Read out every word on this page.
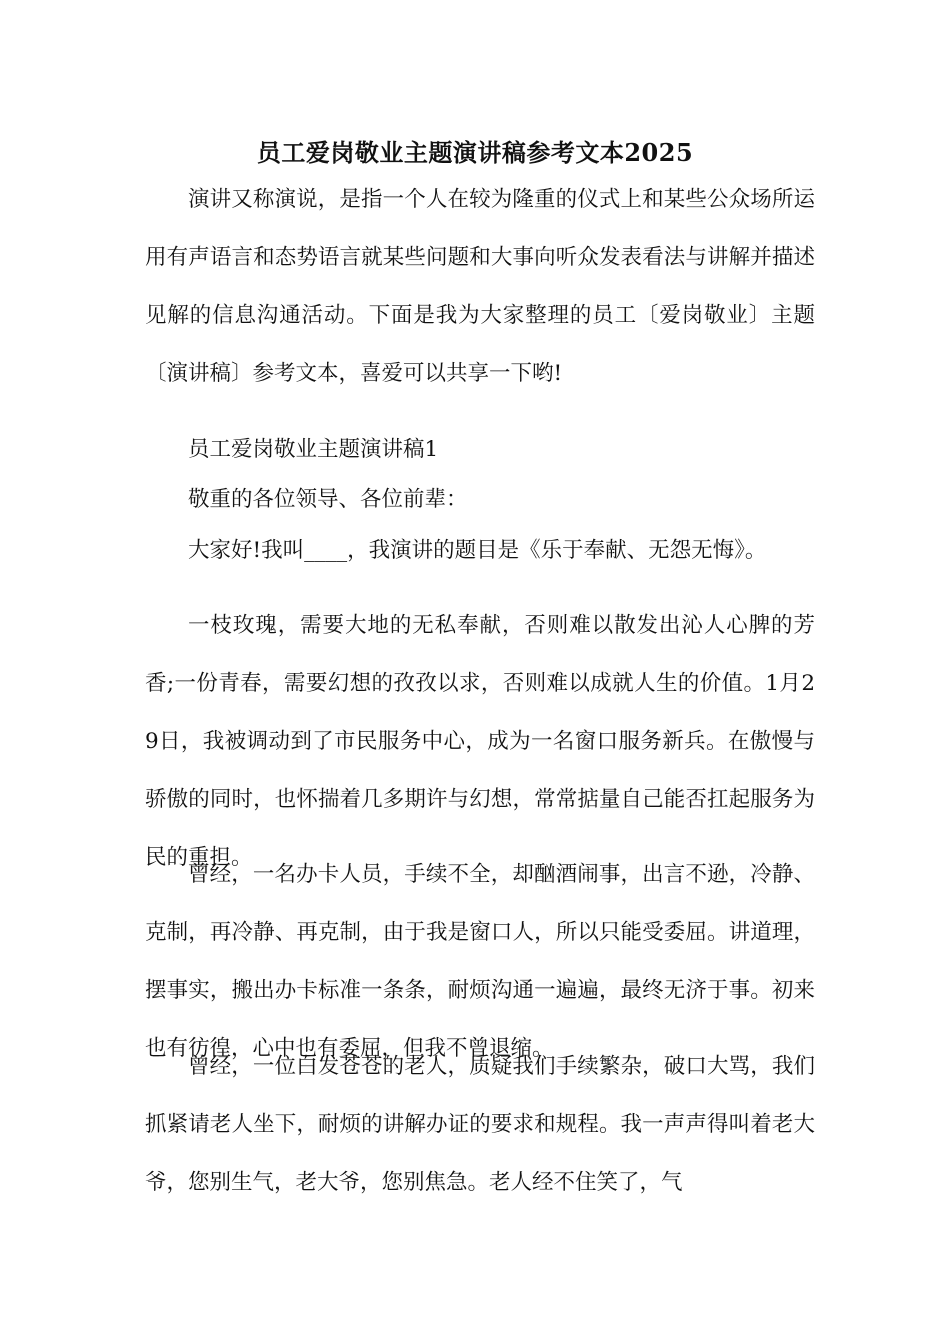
员工爱岗敬业主题演讲稿参考文本2025

演讲又称演说，是指一个人在较为隆重的仪式上和某些公众场所运用有声语言和态势语言就某些问题和大事向听众发表看法与讲解并描述见解的信息沟通活动。下面是我为大家整理的员工〔爱岗敬业〕主题〔演讲稿〕参考文本，喜爱可以共享一下哟!

员工爱岗敬业主题演讲稿1

敬重的各位领导、各位前辈：

大家好!我叫____，我演讲的题目是《乐于奉献、无怨无悔》。

一枝玫瑰，需要大地的无私奉献，否则难以散发出沁人心脾的芳香;一份青春，需要幻想的孜孜以求，否则难以成就人生的价值。1月29日，我被调动到了市民服务中心，成为一名窗口服务新兵。在傲慢与骄傲的同时，也怀揣着几多期许与幻想，常常掂量自己能否扛起服务为民的重担。

曾经，一名办卡人员，手续不全，却酗酒闹事，出言不逊，冷静、克制，再冷静、再克制，由于我是窗口人，所以只能受委屈。讲道理，摆事实，搬出办卡标准一条条，耐烦沟通一遍遍，最终无济于事。初来也有彷徨，心中也有委屈，但我不曾退缩。

曾经，一位白发苍苍的老人，质疑我们手续繁杂，破口大骂，我们抓紧请老人坐下，耐烦的讲解办证的要求和规程。我一声声得叫着老大爷，您别生气，老大爷，您别焦急。老人经不住笑了，气
